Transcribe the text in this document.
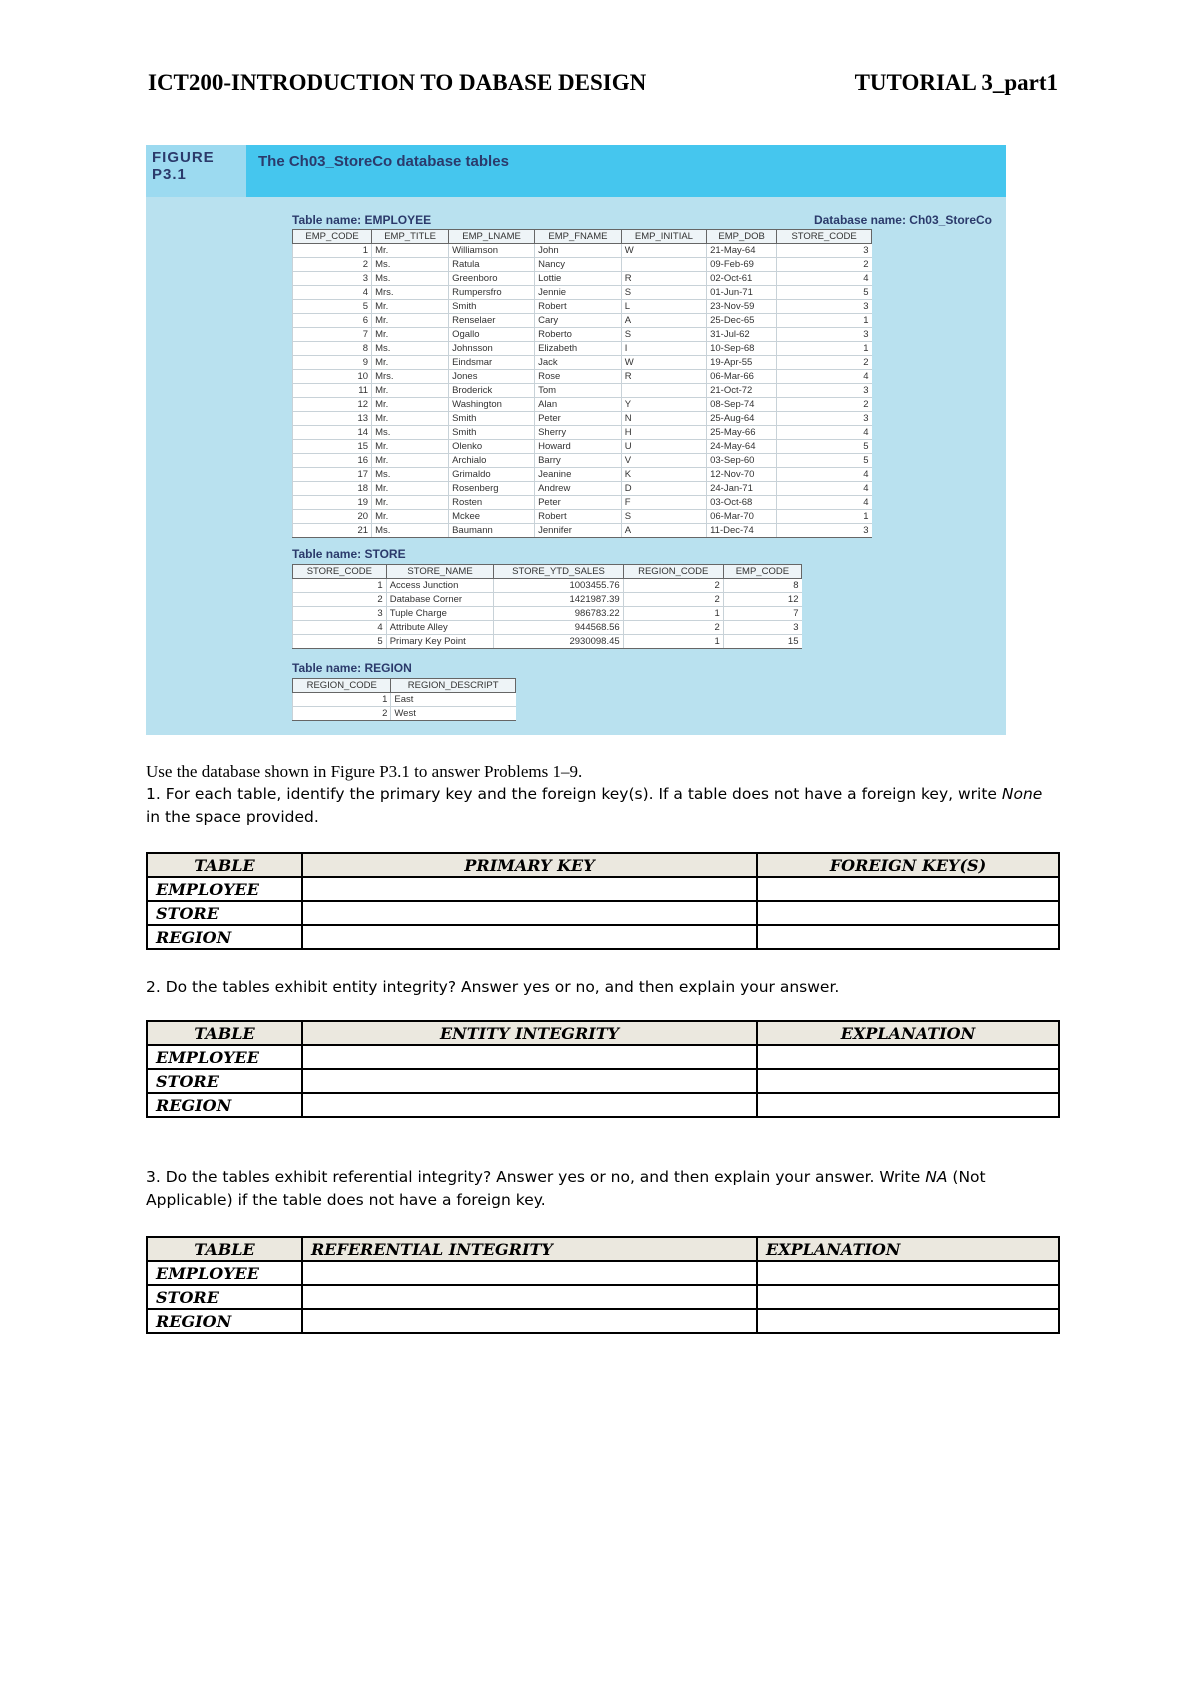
ICT200-INTRODUCTION TO DABASE DESIGN	TUTORIAL 3_part1
FIGURE
P3.1
The Ch03_StoreCo database tables
Table name: EMPLOYEE	Database name: Ch03_StoreCo
EMP_CODE	EMP_TITLE	EMP_LNAME	EMP_FNAME	EMP_INITIAL	EMP_DOB	STORE_CODE
1	Mr.	Williamson	John	W	21-May-64	3
2	Ms.	Ratula	Nancy		09-Feb-69	2
3	Ms.	Greenboro	Lottie	R	02-Oct-61	4
4	Mrs.	Rumpersfro	Jennie	S	01-Jun-71	5
5	Mr.	Smith	Robert	L	23-Nov-59	3
6	Mr.	Renselaer	Cary	A	25-Dec-65	1
7	Mr.	Ogallo	Roberto	S	31-Jul-62	3
8	Ms.	Johnsson	Elizabeth	I	10-Sep-68	1
9	Mr.	Eindsmar	Jack	W	19-Apr-55	2
10	Mrs.	Jones	Rose	R	06-Mar-66	4
11	Mr.	Broderick	Tom		21-Oct-72	3
12	Mr.	Washington	Alan	Y	08-Sep-74	2
13	Mr.	Smith	Peter	N	25-Aug-64	3
14	Ms.	Smith	Sherry	H	25-May-66	4
15	Mr.	Olenko	Howard	U	24-May-64	5
16	Mr.	Archialo	Barry	V	03-Sep-60	5
17	Ms.	Grimaldo	Jeanine	K	12-Nov-70	4
18	Mr.	Rosenberg	Andrew	D	24-Jan-71	4
19	Mr.	Rosten	Peter	F	03-Oct-68	4
20	Mr.	Mckee	Robert	S	06-Mar-70	1
21	Ms.	Baumann	Jennifer	A	11-Dec-74	3
Table name: STORE
STORE_CODE	STORE_NAME	STORE_YTD_SALES	REGION_CODE	EMP_CODE
1	Access Junction	1003455.76	2	8
2	Database Corner	1421987.39	2	12
3	Tuple Charge	986783.22	1	7
4	Attribute Alley	944568.56	2	3
5	Primary Key Point	2930098.45	1	15
Table name: REGION
REGION_CODE	REGION_DESCRIPT
1	East
2	West
Use the database shown in Figure P3.1 to answer Problems 1–9.
1. For each table, identify the primary key and the foreign key(s). If a table does not have a foreign key, write None in the space provided.
TABLE	PRIMARY KEY	FOREIGN KEY(S)
EMPLOYEE		
STORE		
REGION		
2. Do the tables exhibit entity integrity? Answer yes or no, and then explain your answer.
TABLE	ENTITY INTEGRITY	EXPLANATION
EMPLOYEE		
STORE		
REGION		
3. Do the tables exhibit referential integrity? Answer yes or no, and then explain your answer. Write NA (Not Applicable) if the table does not have a foreign key.
TABLE	REFERENTIAL INTEGRITY	EXPLANATION
EMPLOYEE		
STORE		
REGION		
